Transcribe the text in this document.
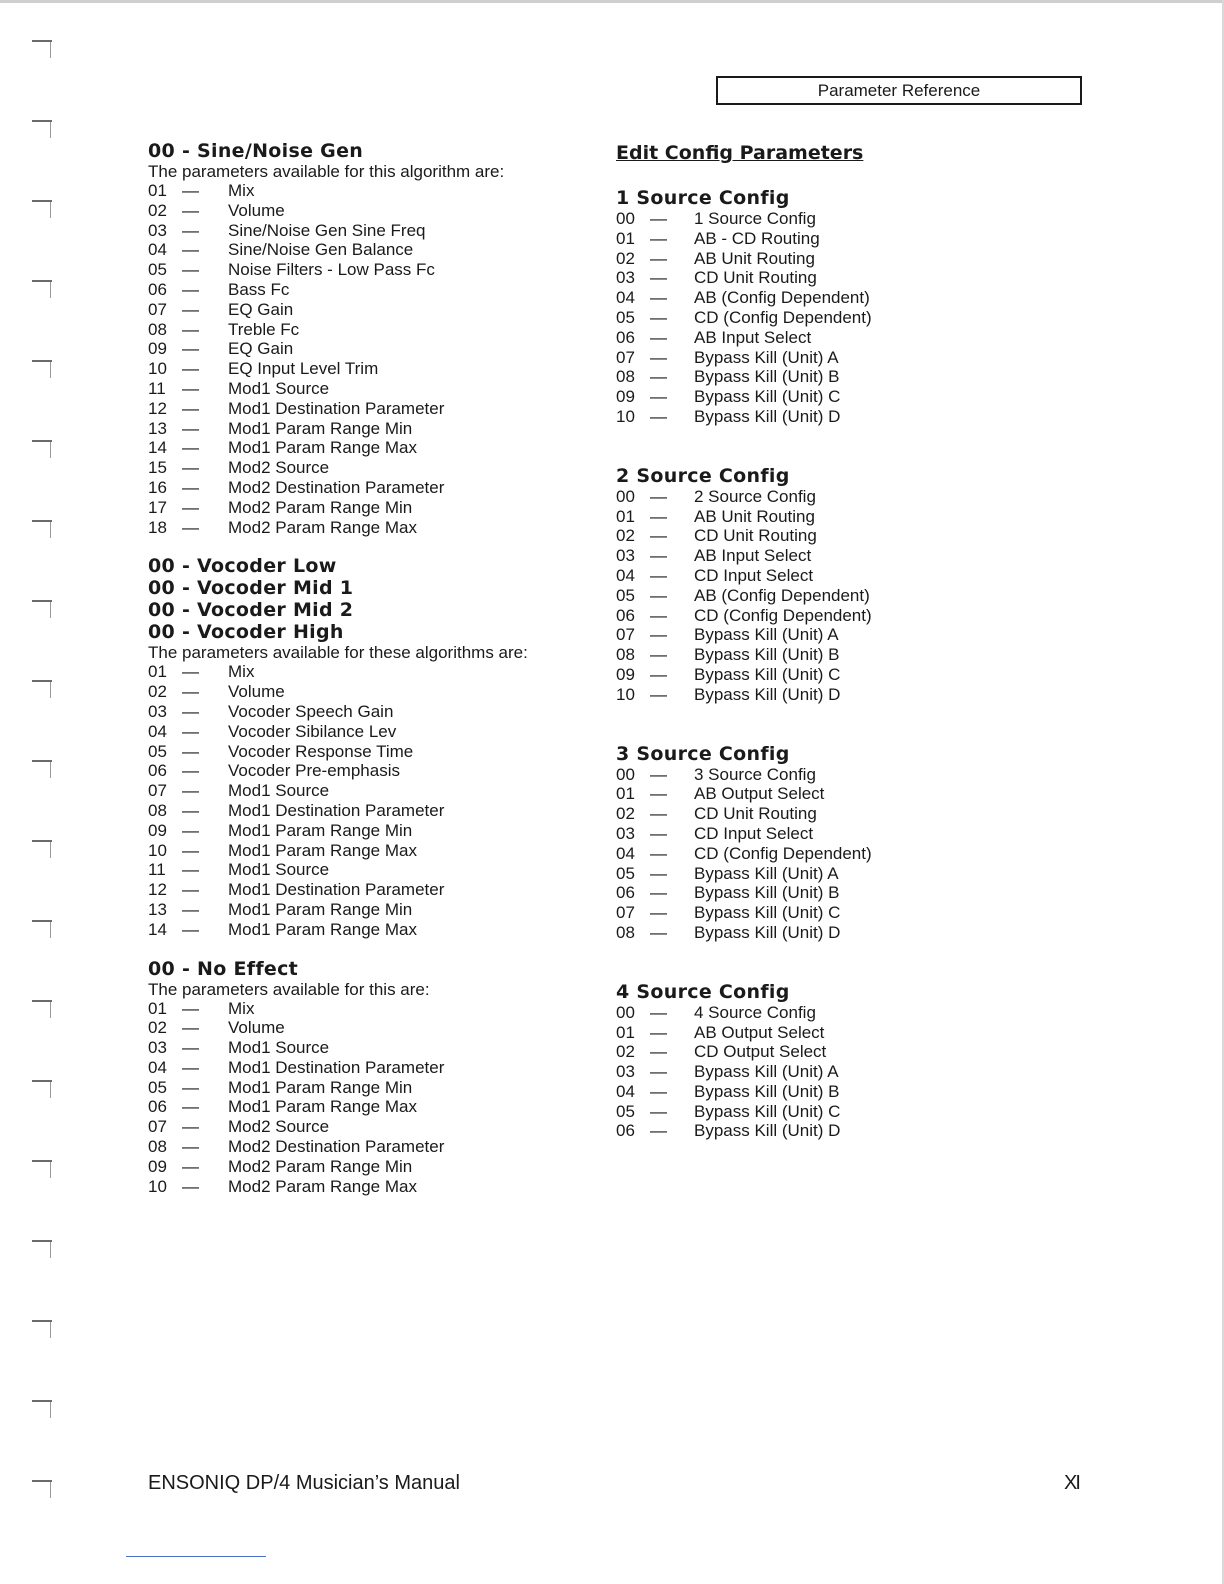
Parameter Reference
00 - Sine/Noise Gen
The parameters available for this algorithm are:
01 —	Mix
02 —	Volume
03 —	Sine/Noise Gen Sine Freq
04 —	Sine/Noise Gen Balance
05 —	Noise Filters - Low Pass Fc
06 —	Bass Fc
07 —	EQ Gain
08 —	Treble Fc
09 —	EQ Gain
10 —	EQ Input Level Trim
11 —	Mod1 Source
12 —	Mod1 Destination Parameter
13 —	Mod1 Param Range Min
14 —	Mod1 Param Range Max
15 —	Mod2 Source
16 —	Mod2 Destination Parameter
17 —	Mod2 Param Range Min
18 —	Mod2 Param Range Max
00 - Vocoder Low
00 - Vocoder Mid 1
00 - Vocoder Mid 2
00 - Vocoder High
The parameters available for these algorithms are:
01 —	Mix
02 —	Volume
03 —	Vocoder Speech Gain
04 —	Vocoder Sibilance Lev
05 —	Vocoder Response Time
06 —	Vocoder Pre-emphasis
07 —	Mod1 Source
08 —	Mod1 Destination Parameter
09 —	Mod1 Param Range Min
10 —	Mod1 Param Range Max
11 —	Mod1 Source
12 —	Mod1 Destination Parameter
13 —	Mod1 Param Range Min
14 —	Mod1 Param Range Max
00 - No Effect
The parameters available for this are:
01 —	Mix
02 —	Volume
03 —	Mod1 Source
04 —	Mod1 Destination Parameter
05 —	Mod1 Param Range Min
06 —	Mod1 Param Range Max
07 —	Mod2 Source
08 —	Mod2 Destination Parameter
09 —	Mod2 Param Range Min
10 —	Mod2 Param Range Max
Edit Config Parameters
1 Source Config
00 —	1 Source Config
01 —	AB - CD Routing
02 —	AB Unit Routing
03 —	CD Unit Routing
04 —	AB (Config Dependent)
05 —	CD (Config Dependent)
06 —	AB Input Select
07 —	Bypass Kill (Unit) A
08 —	Bypass Kill (Unit) B
09 —	Bypass Kill (Unit) C
10 —	Bypass Kill (Unit) D
2 Source Config
00 —	2 Source Config
01 —	AB Unit Routing
02 —	CD Unit Routing
03 —	AB Input Select
04 —	CD Input Select
05 —	AB (Config Dependent)
06 —	CD (Config Dependent)
07 —	Bypass Kill (Unit) A
08 —	Bypass Kill (Unit) B
09 —	Bypass Kill (Unit) C
10 —	Bypass Kill (Unit) D
3 Source Config
00 —	3 Source Config
01 —	AB Output Select
02 —	CD Unit Routing
03 —	CD Input Select
04 —	CD (Config Dependent)
05 —	Bypass Kill (Unit) A
06 —	Bypass Kill (Unit) B
07 —	Bypass Kill (Unit) C
08 —	Bypass Kill (Unit) D
4 Source Config
00 —	4 Source Config
01 —	AB Output Select
02 —	CD Output Select
03 —	Bypass Kill (Unit) A
04 —	Bypass Kill (Unit) B
05 —	Bypass Kill (Unit) C
06 —	Bypass Kill (Unit) D
ENSONIQ DP/4 Musician’s Manual	XI
